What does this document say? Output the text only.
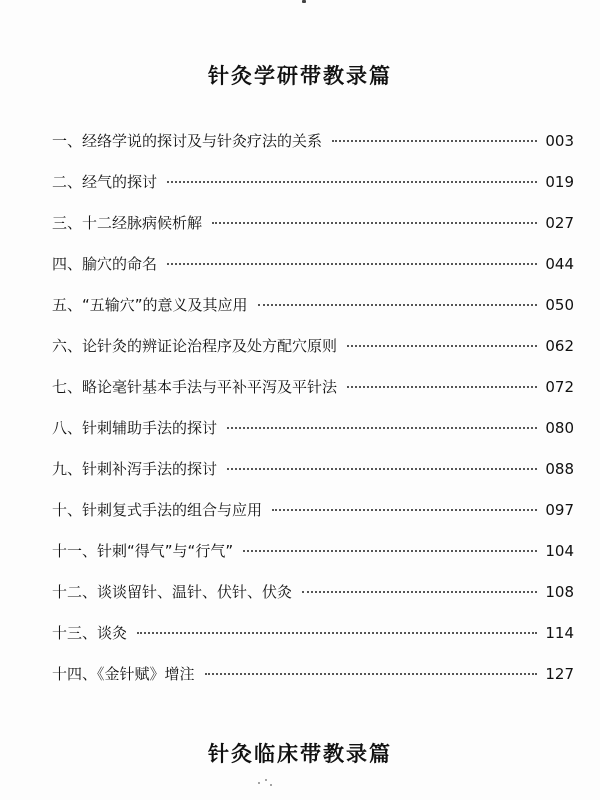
针灸学研带教录篇
一、经络学说的探讨及与针灸疗法的关系	003
二、经气的探讨	019
三、十二经脉病候析解	027
四、腧穴的命名	044
五、“五输穴”的意义及其应用	050
六、论针灸的辨证论治程序及处方配穴原则	062
七、略论毫针基本手法与平补平泻及平针法	072
八、针刺辅助手法的探讨	080
九、针刺补泻手法的探讨	088
十、针刺复式手法的组合与应用	097
十一、针刺“得气”与“行气”	104
十二、谈谈留针、温针、伏针、伏灸	108
十三、谈灸	114
十四、《金针赋》增注	127
针灸临床带教录篇
